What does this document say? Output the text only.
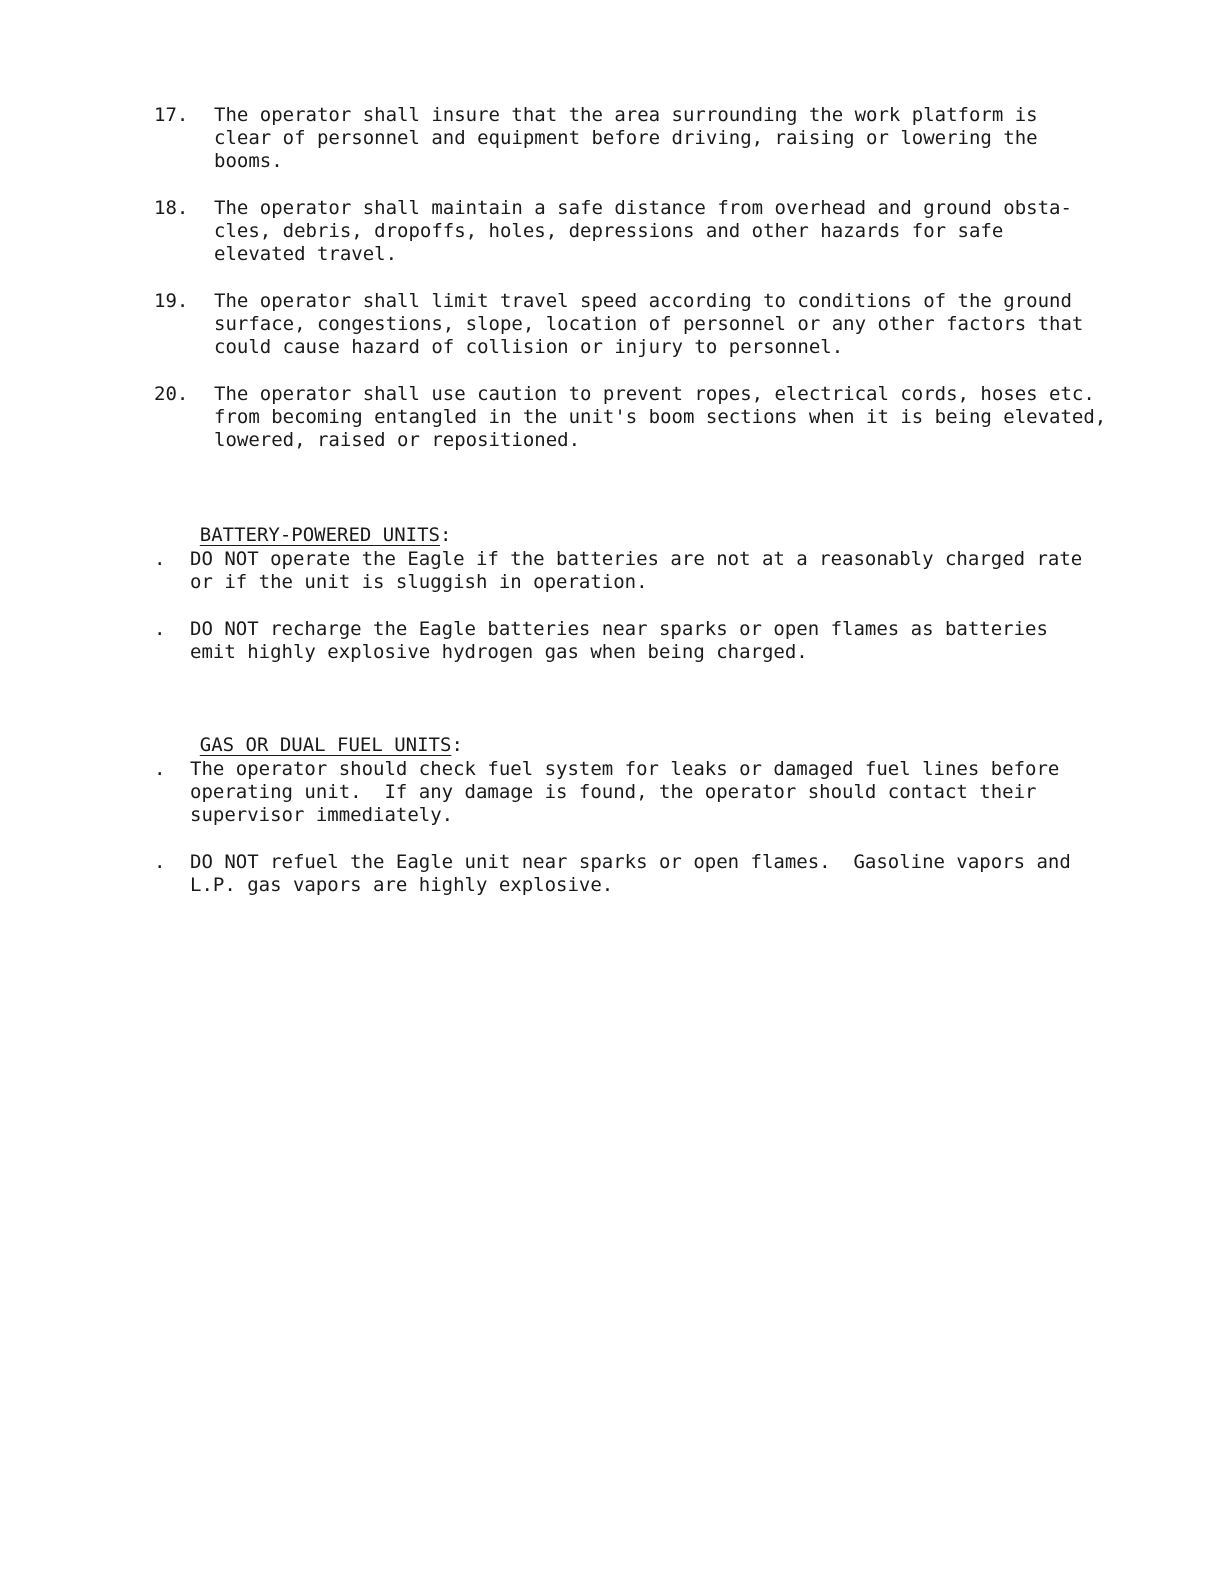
17.	The operator shall insure that the area surrounding the work platform is
clear of personnel and equipment before driving, raising or lowering the
booms.
18.	The operator shall maintain a safe distance from overhead and ground obsta-
cles, debris, dropoffs, holes, depressions and other hazards for safe
elevated travel.
19.	The operator shall limit travel speed according to conditions of the ground
surface, congestions, slope, location of personnel or any other factors that
could cause hazard of collision or injury to personnel.
20.	The operator shall use caution to prevent ropes, electrical cords, hoses etc.
from becoming entangled in the unit's boom sections when it is being elevated,
lowered, raised or repositioned.

BATTERY-POWERED UNITS:

.	DO NOT operate the Eagle if the batteries are not at a reasonably charged rate
or if the unit is sluggish in operation.
.	DO NOT recharge the Eagle batteries near sparks or open flames as batteries
emit highly explosive hydrogen gas when being charged.

GAS OR DUAL FUEL UNITS:

.	The operator should check fuel system for leaks or damaged fuel lines before
operating unit.  If any damage is found, the operator should contact their
supervisor immediately.
.	DO NOT refuel the Eagle unit near sparks or open flames.  Gasoline vapors and
L.P. gas vapors are highly explosive.
